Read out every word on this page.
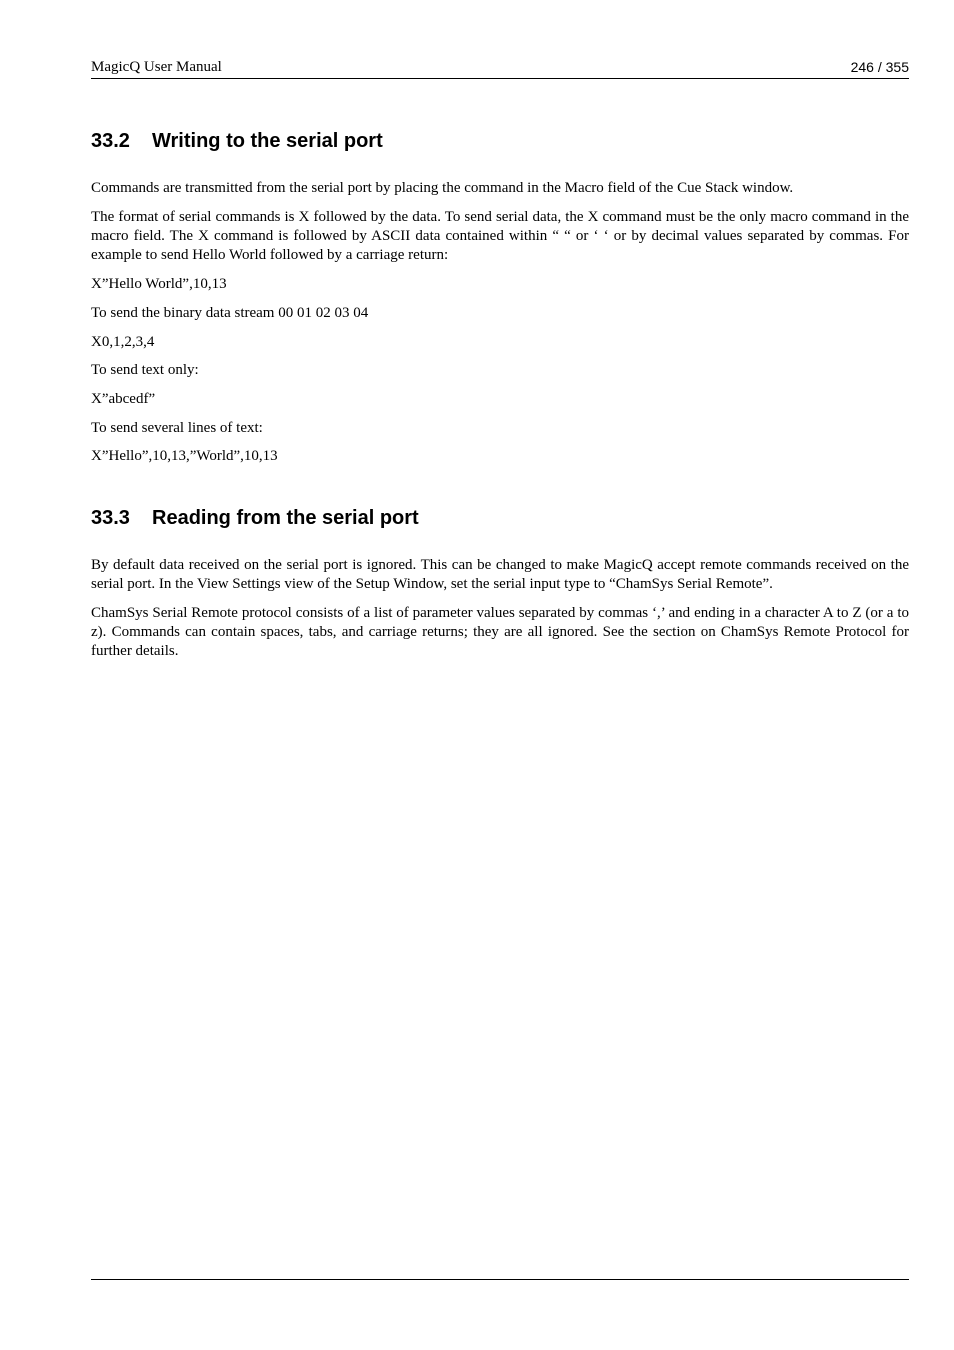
MagicQ User Manual	246 / 355
33.2 Writing to the serial port

Commands are transmitted from the serial port by placing the command in the Macro field of the Cue Stack window.

The format of serial commands is X followed by the data. To send serial data, the X command must be the only macro command in the macro field. The X command is followed by ASCII data contained within “ “ or ‘ ‘ or by decimal values separated by commas. For example to send Hello World followed by a carriage return:

X”Hello World”,10,13

To send the binary data stream 00 01 02 03 04

X0,1,2,3,4

To send text only:

X”abcedf”

To send several lines of text:

X”Hello”,10,13,”World”,10,13

33.3 Reading from the serial port

By default data received on the serial port is ignored. This can be changed to make MagicQ accept remote commands received on the serial port. In the View Settings view of the Setup Window, set the serial input type to “ChamSys Serial Remote”.

ChamSys Serial Remote protocol consists of a list of parameter values separated by commas ‘,’ and ending in a character A to Z (or a to z). Commands can contain spaces, tabs, and carriage returns; they are all ignored. See the section on ChamSys Remote Protocol for further details.
